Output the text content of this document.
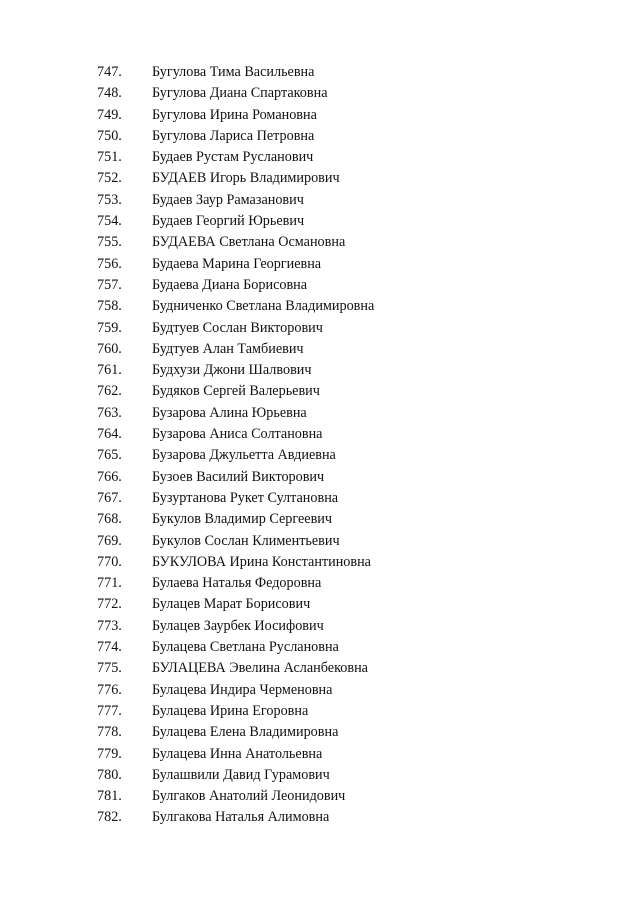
747. Бугулова Тима Васильевна
748. Бугулова Диана Спартаковна
749. Бугулова Ирина Романовна
750. Бугулова Лариса Петровна
751. Будаев Рустам Русланович
752. БУДАЕВ Игорь Владимирович
753. Будаев Заур Рамазанович
754. Будаев Георгий Юрьевич
755. БУДАЕВА Светлана Османовна
756. Будаева Марина Георгиевна
757. Будаева Диана Борисовна
758. Будниченко Светлана Владимировна
759. Будтуев Сослан Викторович
760. Будтуев Алан Тамбиевич
761. Будхузи Джони Шалвович
762. Будяков Сергей Валерьевич
763. Бузарова Алина Юрьевна
764. Бузарова Аниса Солтановна
765. Бузарова Джульетта Авдиевна
766. Бузоев Василий Викторович
767. Бузуртанова Рукет Султановна
768. Букулов Владимир Сергеевич
769. Букулов Сослан Климентьевич
770. БУКУЛОВА Ирина Константиновна
771. Булаева Наталья Федоровна
772. Булацев Марат Борисович
773. Булацев Заурбек Иосифович
774. Булацева Светлана Руслановна
775. БУЛАЦЕВА Эвелина Асланбековна
776. Булацева Индира Черменовна
777. Булацева Ирина Егоровна
778. Булацева Елена Владимировна
779. Булацева Инна Анатольевна
780. Булашвили Давид Гурамович
781. Булгаков Анатолий Леонидович
782. Булгакова Наталья Алимовна
